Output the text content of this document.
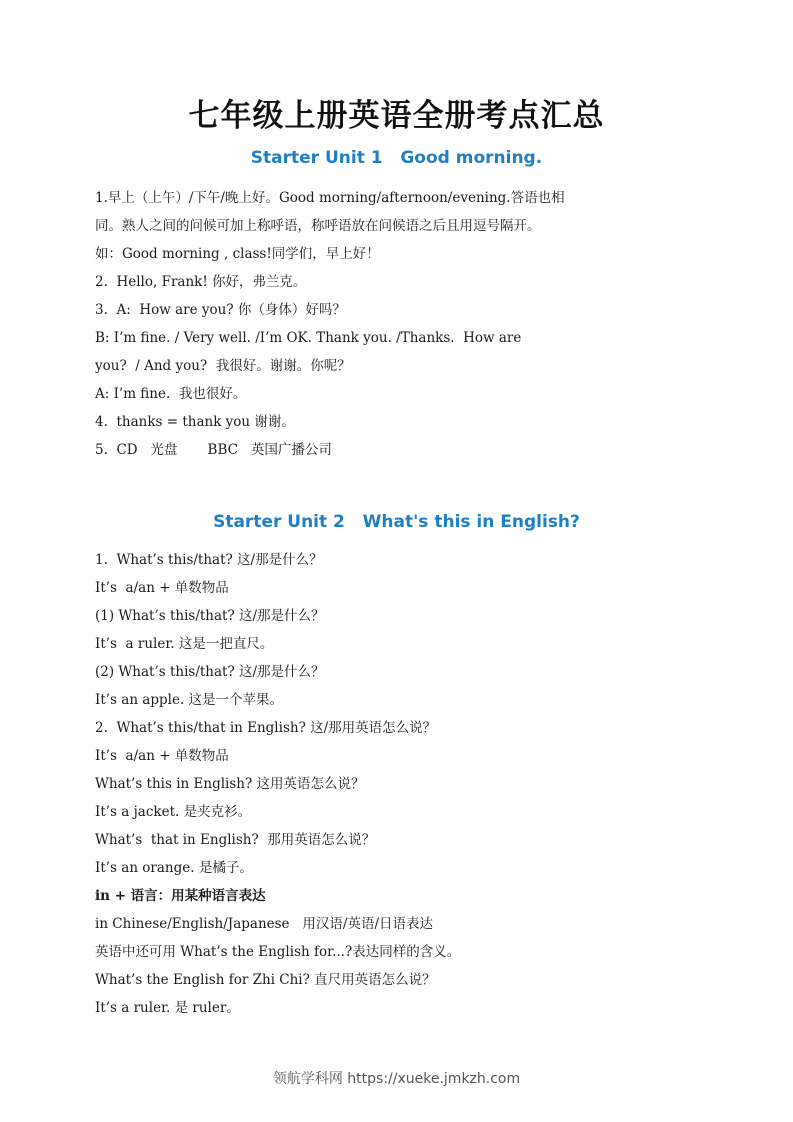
七年级上册英语全册考点汇总
Starter Unit 1   Good morning.
1.早上（上午）/下午/晚上好。Good morning/afternoon/evening.答语也相
同。熟人之间的问候可加上称呼语，称呼语放在问候语之后且用逗号隔开。
如：Good morning , class!同学们，早上好！
2.  Hello, Frank! 你好，弗兰克。
3.  A:  How are you? 你（身体）好吗？
B: I’m fine. / Very well. /I’m OK. Thank you. /Thanks.  How are
you?  / And you?  我很好。谢谢。你呢？
A: I’m fine.  我也很好。
4.  thanks = thank you 谢谢。
5.  CD   光盘       BBC   英国广播公司
Starter Unit 2   What's this in English?
1.  What’s this/that? 这/那是什么？
It’s  a/an + 单数物品
(1) What’s this/that? 这/那是什么？
It’s  a ruler. 这是一把直尺。
(2) What’s this/that? 这/那是什么？
It’s an apple. 这是一个苹果。
2.  What’s this/that in English? 这/那用英语怎么说？
It’s  a/an + 单数物品
What’s this in English? 这用英语怎么说？
It’s a jacket. 是夹克衫。
What’s  that in English?  那用英语怎么说？
It’s an orange. 是橘子。
in + 语言：用某种语言表达
in Chinese/English/Japanese   用汉语/英语/日语表达
英语中还可用 What’s the English for...?表达同样的含义。
What’s the English for Zhi Chi? 直尺用英语怎么说？
It’s a ruler. 是 ruler。
领航学科网 https://xueke.jmkzh.com
